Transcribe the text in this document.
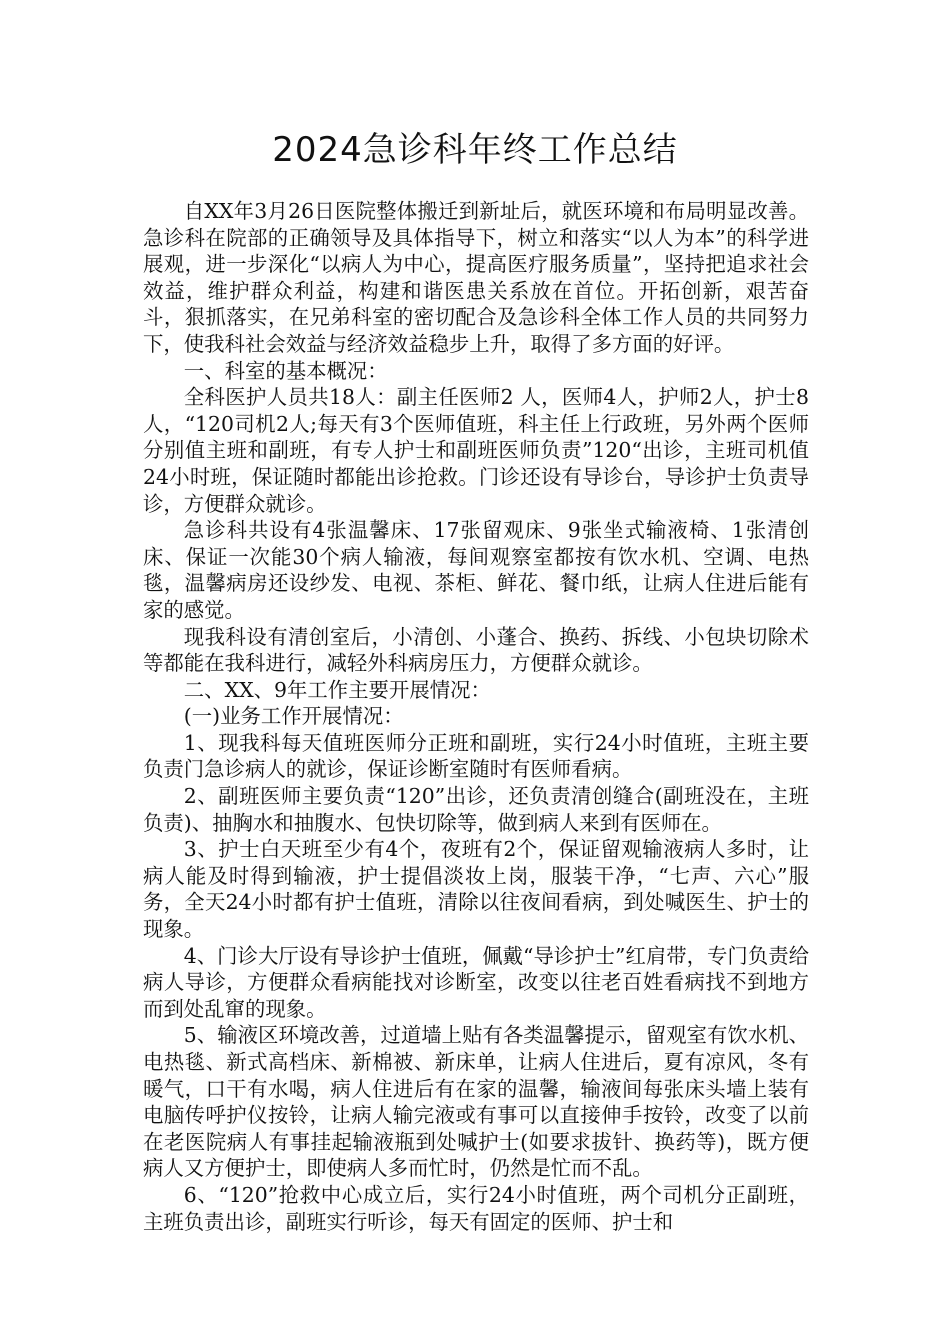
2024急诊科年终工作总结

自XX年3月26日医院整体搬迁到新址后，就医环境和布局明显改善。急诊科在院部的正确领导及具体指导下，树立和落实“以人为本”的科学进展观，进一步深化“以病人为中心，提高医疗服务质量”，坚持把追求社会效益，维护群众利益，构建和谐医患关系放在首位。开拓创新，艰苦奋斗，狠抓落实，在兄弟科室的密切配合及急诊科全体工作人员的共同努力下，使我科社会效益与经济效益稳步上升，取得了多方面的好评。

一、科室的基本概况：

全科医护人员共18人：副主任医师2 人，医师4人，护师2人，护士8人，“120司机2人;每天有3个医师值班，科主任上行政班，另外两个医师分别值主班和副班，有专人护士和副班医师负责”120“出诊，主班司机值24小时班，保证随时都能出诊抢救。门诊还设有导诊台，导诊护士负责导诊，方便群众就诊。

急诊科共设有4张温馨床、17张留观床、9张坐式输液椅、1张清创床、保证一次能30个病人输液，每间观察室都按有饮水机、空调、电热毯，温馨病房还设纱发、电视、茶柜、鲜花、餐巾纸，让病人住进后能有家的感觉。

现我科设有清创室后，小清创、小蓬合、换药、拆线、小包块切除术等都能在我科进行，减轻外科病房压力，方便群众就诊。

二、XX、9年工作主要开展情况：

(一)业务工作开展情况：

1、现我科每天值班医师分正班和副班，实行24小时值班，主班主要负责门急诊病人的就诊，保证诊断室随时有医师看病。

2、副班医师主要负责“120”出诊，还负责清创缝合(副班没在，主班负责)、抽胸水和抽腹水、包快切除等，做到病人来到有医师在。

3、护士白天班至少有4个，夜班有2个，保证留观输液病人多时，让病人能及时得到输液，护士提倡淡妆上岗，服装干净，“七声、六心”服务，全天24小时都有护士值班，清除以往夜间看病，到处喊医生、护士的现象。

4、门诊大厅设有导诊护士值班，佩戴“导诊护士”红肩带，专门负责给病人导诊，方便群众看病能找对诊断室，改变以往老百姓看病找不到地方而到处乱窜的现象。

5、输液区环境改善，过道墙上贴有各类温馨提示，留观室有饮水机、电热毯、新式高档床、新棉被、新床单，让病人住进后，夏有凉风，冬有暖气，口干有水喝，病人住进后有在家的温馨，输液间每张床头墙上装有电脑传呼护仪按铃，让病人输完液或有事可以直接伸手按铃，改变了以前在老医院病人有事挂起输液瓶到处喊护士(如要求拔针、换药等)，既方便病人又方便护士，即使病人多而忙时，仍然是忙而不乱。

6、“120”抢救中心成立后，实行24小时值班，两个司机分正副班，主班负责出诊，副班实行听诊，每天有固定的医师、护士和
